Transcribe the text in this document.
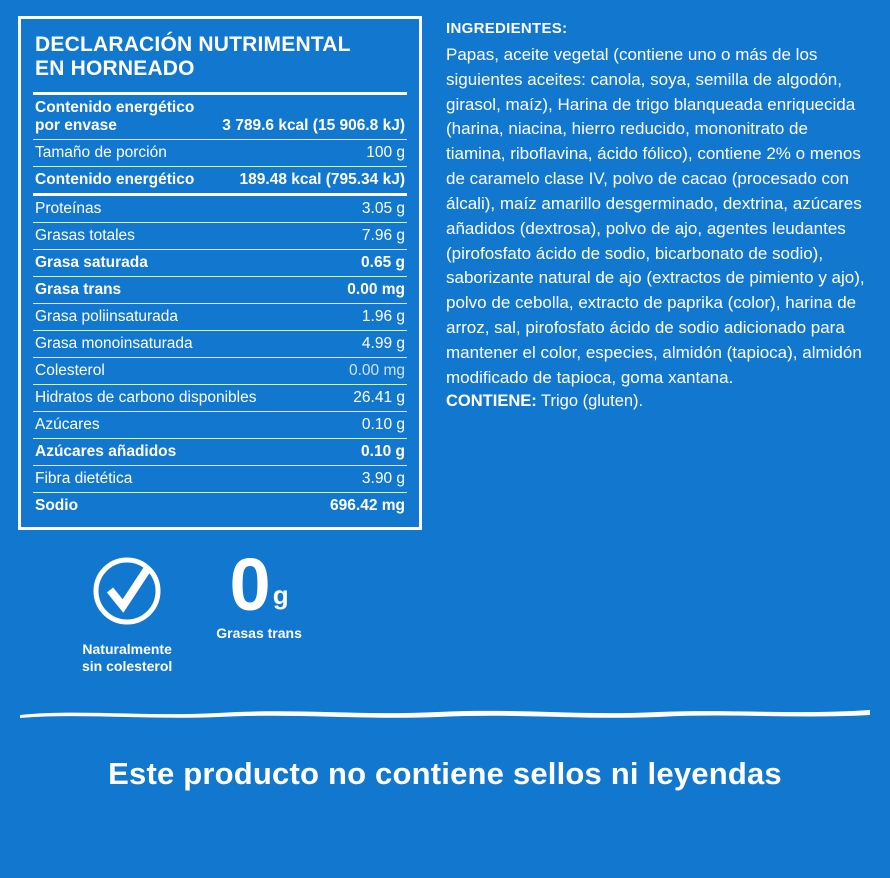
DECLARACIÓN NUTRIMENTAL
EN HORNEADO
Contenido energético
por envase	3 789.6 kcal (15 906.8 kJ)
Tamaño de porción	100 g
Contenido energético	189.48 kcal (795.34 kJ)
Proteínas	3.05 g
Grasas totales	7.96 g
Grasa saturada	0.65 g
Grasa trans	0.00 mg
Grasa poliinsaturada	1.96 g
Grasa monoinsaturada	4.99 g
Colesterol	0.00 mg
Hidratos de carbono disponibles	26.41 g
Azúcares	0.10 g
Azúcares añadidos	0.10 g
Fibra dietética	3.90 g
Sodio	696.42 mg
INGREDIENTES:

Papas, aceite vegetal (contiene uno o más de los siguientes aceites: canola, soya, semilla de algodón, girasol, maíz), Harina de trigo blanqueada enriquecida (harina, niacina, hierro reducido, mononitrato de tiamina, riboflavina, ácido fólico), contiene 2% o menos de caramelo clase IV, polvo de cacao (procesado con álcali), maíz amarillo desgerminado, dextrina, azúcares añadidos (dextrosa), polvo de ajo, agentes leudantes (pirofosfato ácido de sodio, bicarbonato de sodio), saborizante natural de ajo (extractos de pimiento y ajo), polvo de cebolla, extracto de paprika (color), harina de arroz, sal, pirofosfato ácido de sodio adicionado para mantener el color, especies, almidón (tapioca), almidón modificado de tapioca, goma xantana.

CONTIENE: Trigo (gluten).
Naturalmente
sin colesterol
0 g
Grasas trans
Este producto no contiene sellos ni leyendas
